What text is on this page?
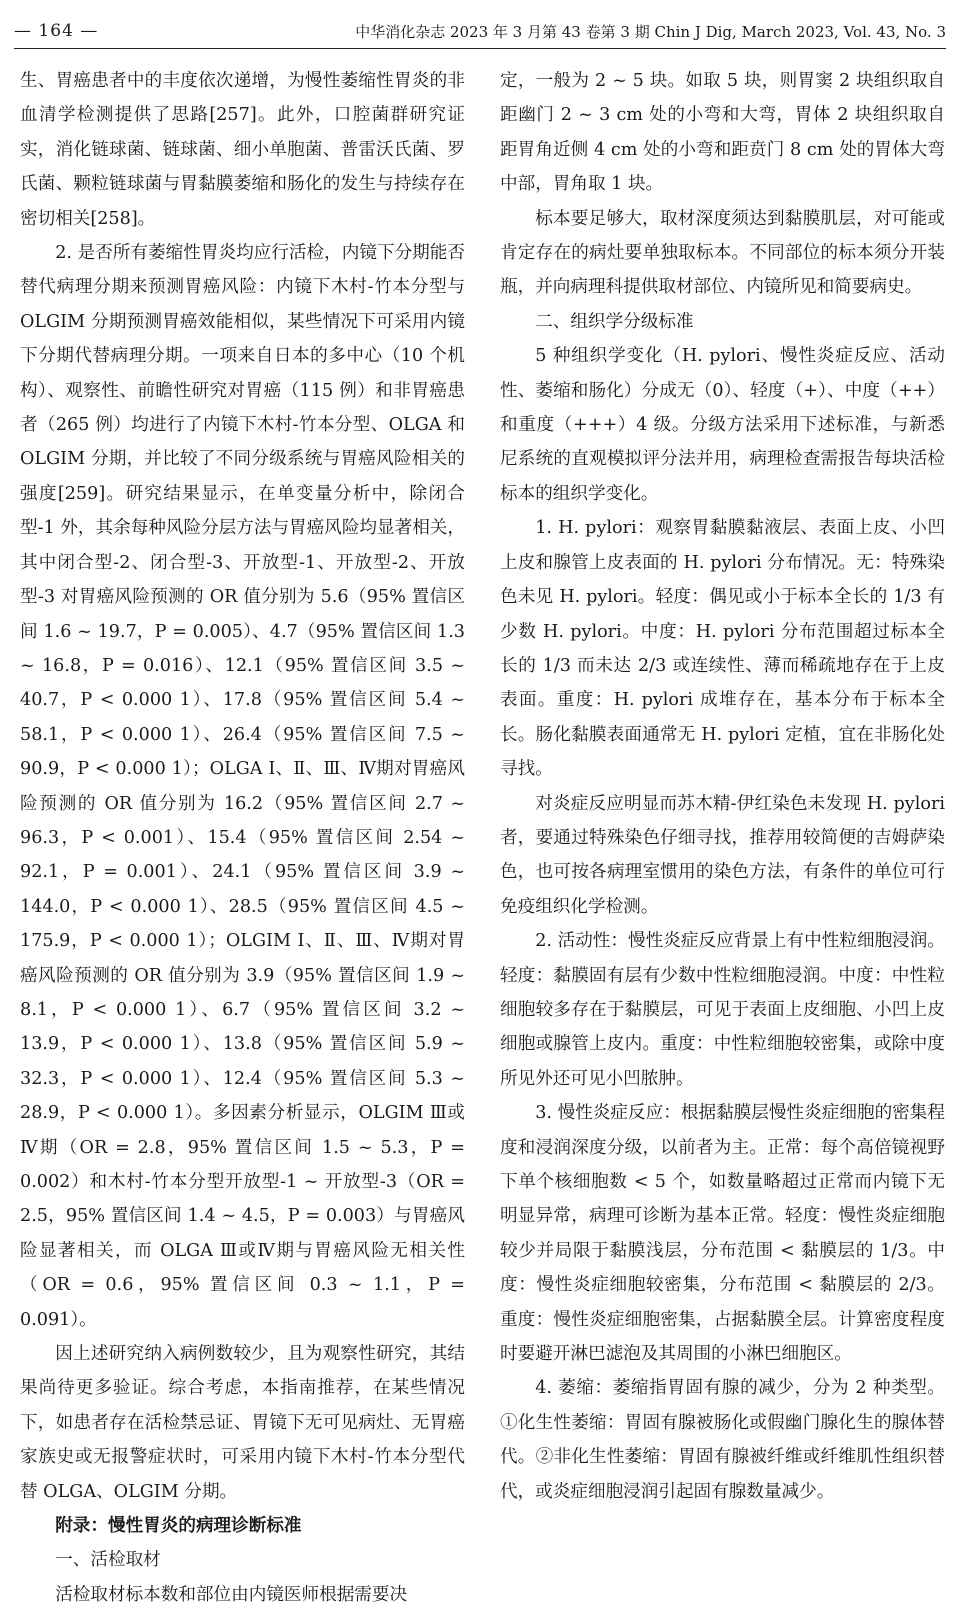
— 164 —	中华消化杂志 2023 年 3 月第 43 卷第 3 期 Chin J Dig, March 2023, Vol. 43, No. 3

生、胃癌患者中的丰度依次递增，为慢性萎缩性胃炎的非血清学检测提供了思路[257]。此外，口腔菌群研究证实，消化链球菌、链球菌、细小单胞菌、普雷沃氏菌、罗氏菌、颗粒链球菌与胃黏膜萎缩和肠化的发生与持续存在密切相关[258]。

2. 是否所有萎缩性胃炎均应行活检，内镜下分期能否替代病理分期来预测胃癌风险：内镜下木村-竹本分型与 OLGIM 分期预测胃癌效能相似，某些情况下可采用内镜下分期代替病理分期。一项来自日本的多中心（10 个机构）、观察性、前瞻性研究对胃癌（115 例）和非胃癌患者（265 例）均进行了内镜下木村-竹本分型、OLGA 和 OLGIM 分期，并比较了不同分级系统与胃癌风险相关的强度[259]。研究结果显示，在单变量分析中，除闭合型-1 外，其余每种风险分层方法与胃癌风险均显著相关，其中闭合型-2、闭合型-3、开放型-1、开放型-2、开放型-3 对胃癌风险预测的 OR 值分别为 5.6（95% 置信区间 1.6 ~ 19.7，P = 0.005）、4.7（95% 置信区间 1.3 ~ 16.8，P = 0.016）、12.1（95% 置信区间 3.5 ~ 40.7，P < 0.000 1）、17.8（95% 置信区间 5.4 ~ 58.1，P < 0.000 1）、26.4（95% 置信区间 7.5 ~ 90.9，P < 0.000 1）；OLGA Ⅰ、Ⅱ、Ⅲ、Ⅳ期对胃癌风险预测的 OR 值分别为 16.2（95% 置信区间 2.7 ~ 96.3，P < 0.001）、15.4（95% 置信区间 2.54 ~ 92.1，P = 0.001）、24.1（95% 置信区间 3.9 ~ 144.0，P < 0.000 1）、28.5（95% 置信区间 4.5 ~ 175.9，P < 0.000 1）；OLGIM Ⅰ、Ⅱ、Ⅲ、Ⅳ期对胃癌风险预测的 OR 值分别为 3.9（95% 置信区间 1.9 ~ 8.1，P < 0.000 1）、6.7（95% 置信区间 3.2 ~ 13.9，P < 0.000 1）、13.8（95% 置信区间 5.9 ~ 32.3，P < 0.000 1）、12.4（95% 置信区间 5.3 ~ 28.9，P < 0.000 1）。多因素分析显示，OLGIM Ⅲ或Ⅳ期（OR = 2.8，95% 置信区间 1.5 ~ 5.3，P = 0.002）和木村-竹本分型开放型-1 ~ 开放型-3（OR = 2.5，95% 置信区间 1.4 ~ 4.5，P = 0.003）与胃癌风险显著相关，而 OLGA Ⅲ或Ⅳ期与胃癌风险无相关性（OR = 0.6，95% 置信区间 0.3 ~ 1.1，P = 0.091）。

因上述研究纳入病例数较少，且为观察性研究，其结果尚待更多验证。综合考虑，本指南推荐，在某些情况下，如患者存在活检禁忌证、胃镜下无可见病灶、无胃癌家族史或无报警症状时，可采用内镜下木村-竹本分型代替 OLGA、OLGIM 分期。

附录：慢性胃炎的病理诊断标准

一、活检取材

活检取材标本数和部位由内镜医师根据需要决

定，一般为 2 ~ 5 块。如取 5 块，则胃窦 2 块组织取自距幽门 2 ~ 3 cm 处的小弯和大弯，胃体 2 块组织取自距胃角近侧 4 cm 处的小弯和距贲门 8 cm 处的胃体大弯中部，胃角取 1 块。

标本要足够大，取材深度须达到黏膜肌层，对可能或肯定存在的病灶要单独取标本。不同部位的标本须分开装瓶，并向病理科提供取材部位、内镜所见和简要病史。

二、组织学分级标准

5 种组织学变化（H. pylori、慢性炎症反应、活动性、萎缩和肠化）分成无（0）、轻度（+）、中度（++）和重度（+++）4 级。分级方法采用下述标准，与新悉尼系统的直观模拟评分法并用，病理检查需报告每块活检标本的组织学变化。

1. H. pylori：观察胃黏膜黏液层、表面上皮、小凹上皮和腺管上皮表面的 H. pylori 分布情况。无：特殊染色未见 H. pylori。轻度：偶见或小于标本全长的 1/3 有少数 H. pylori。中度：H. pylori 分布范围超过标本全长的 1/3 而未达 2/3 或连续性、薄而稀疏地存在于上皮表面。重度：H. pylori 成堆存在，基本分布于标本全长。肠化黏膜表面通常无 H. pylori 定植，宜在非肠化处寻找。

对炎症反应明显而苏木精-伊红染色未发现 H. pylori 者，要通过特殊染色仔细寻找，推荐用较简便的吉姆萨染色，也可按各病理室惯用的染色方法，有条件的单位可行免疫组织化学检测。

2. 活动性：慢性炎症反应背景上有中性粒细胞浸润。轻度：黏膜固有层有少数中性粒细胞浸润。中度：中性粒细胞较多存在于黏膜层，可见于表面上皮细胞、小凹上皮细胞或腺管上皮内。重度：中性粒细胞较密集，或除中度所见外还可见小凹脓肿。

3. 慢性炎症反应：根据黏膜层慢性炎症细胞的密集程度和浸润深度分级，以前者为主。正常：每个高倍镜视野下单个核细胞数 < 5 个，如数量略超过正常而内镜下无明显异常，病理可诊断为基本正常。轻度：慢性炎症细胞较少并局限于黏膜浅层，分布范围 < 黏膜层的 1/3。中度：慢性炎症细胞较密集，分布范围 < 黏膜层的 2/3。重度：慢性炎症细胞密集，占据黏膜全层。计算密度程度时要避开淋巴滤泡及其周围的小淋巴细胞区。

4. 萎缩：萎缩指胃固有腺的减少，分为 2 种类型。①化生性萎缩：胃固有腺被肠化或假幽门腺化生的腺体替代。②非化生性萎缩：胃固有腺被纤维或纤维肌性组织替代，或炎症细胞浸润引起固有腺数量减少。
